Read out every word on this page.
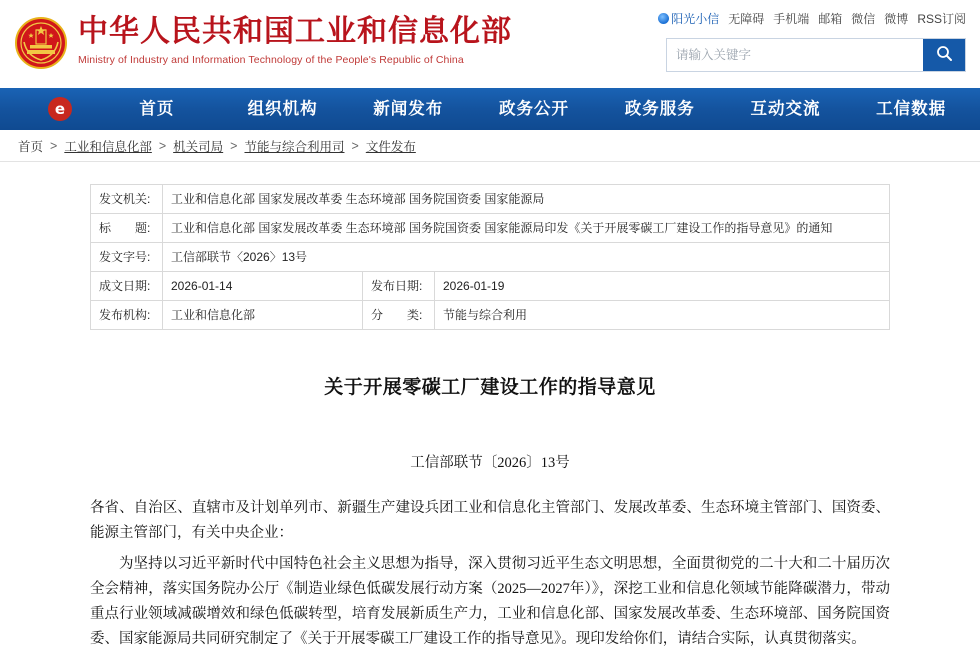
中华人民共和国工业和信息化部
Ministry of Industry and Information Technology of the People's Republic of China
阳光小信 无障碍 手机端 邮箱 微信 微博 RSS订阅
请输入关键字
e	首页	组织机构	新闻发布	政务公开	政务服务	互动交流	工信数据
首页 > 工业和信息化部 > 机关司局 > 节能与综合利用司 > 文件发布
发文机关:	工业和信息化部 国家发展改革委 生态环境部 国务院国资委 国家能源局		
标　　题:	工业和信息化部 国家发展改革委 生态环境部 国务院国资委 国家能源局印发《关于开展零碳工厂建设工作的指导意见》的通知		
发文字号:	工信部联节〈2026〉13号		
成文日期:	2026-01-14	发布日期:	2026-01-19
发布机构:	工业和信息化部	分　　类:	节能与综合利用
关于开展零碳工厂建设工作的指导意见
工信部联节〔2026〕13号
各省、自治区、直辖市及计划单列市、新疆生产建设兵团工业和信息化主管部门、发展改革委、生态环境主管部门、国资委、能源主管部门，有关中央企业：
为坚持以习近平新时代中国特色社会主义思想为指导，深入贯彻习近平生态文明思想，全面贯彻党的二十大和二十届历次全会精神，落实国务院办公厅《制造业绿色低碳发展行动方案（2025—2027年）》，深挖工业和信息化领域节能降碳潜力，带动重点行业领域减碳增效和绿色低碳转型，培育发展新质生产力，工业和信息化部、国家发展改革委、生态环境部、国务院国资委、国家能源局共同研究制定了《关于开展零碳工厂建设工作的指导意见》。现印发给你们，请结合实际，认真贯彻落实。
